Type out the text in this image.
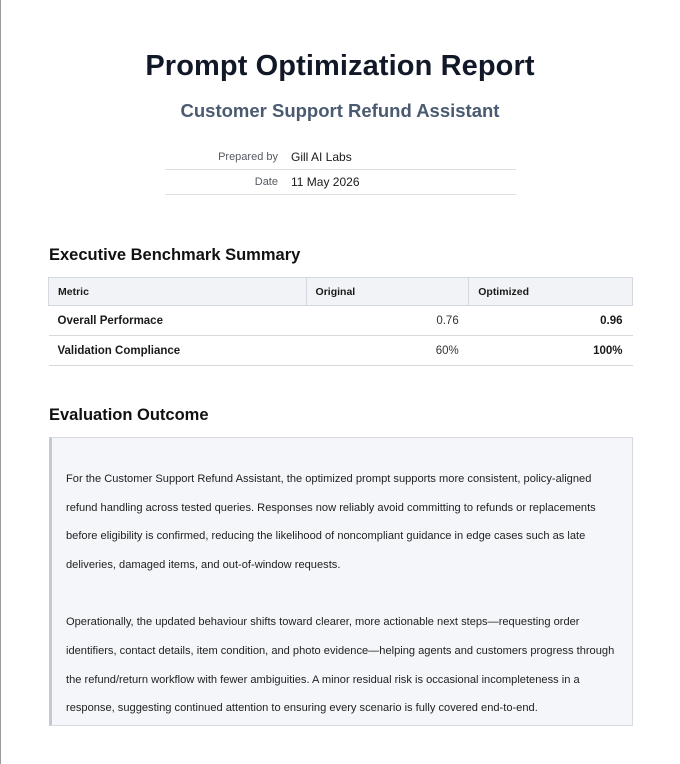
Prompt Optimization Report
Customer Support Refund Assistant
Prepared by	Gill AI Labs
Date	11 May 2026
Executive Benchmark Summary
Metric	Original	Optimized
Overall Performace	0.76	0.96
Validation Compliance	60%	100%
Evaluation Outcome

For the Customer Support Refund Assistant, the optimized prompt supports more consistent, policy-aligned refund handling across tested queries. Responses now reliably avoid committing to refunds or replacements before eligibility is confirmed, reducing the likelihood of noncompliant guidance in edge cases such as late deliveries, damaged items, and out-of-window requests.

Operationally, the updated behaviour shifts toward clearer, more actionable next steps—requesting order identifiers, contact details, item condition, and photo evidence—helping agents and customers progress through the refund/return workflow with fewer ambiguities. A minor residual risk is occasional incompleteness in a response, suggesting continued attention to ensuring every scenario is fully covered end-to-end.
